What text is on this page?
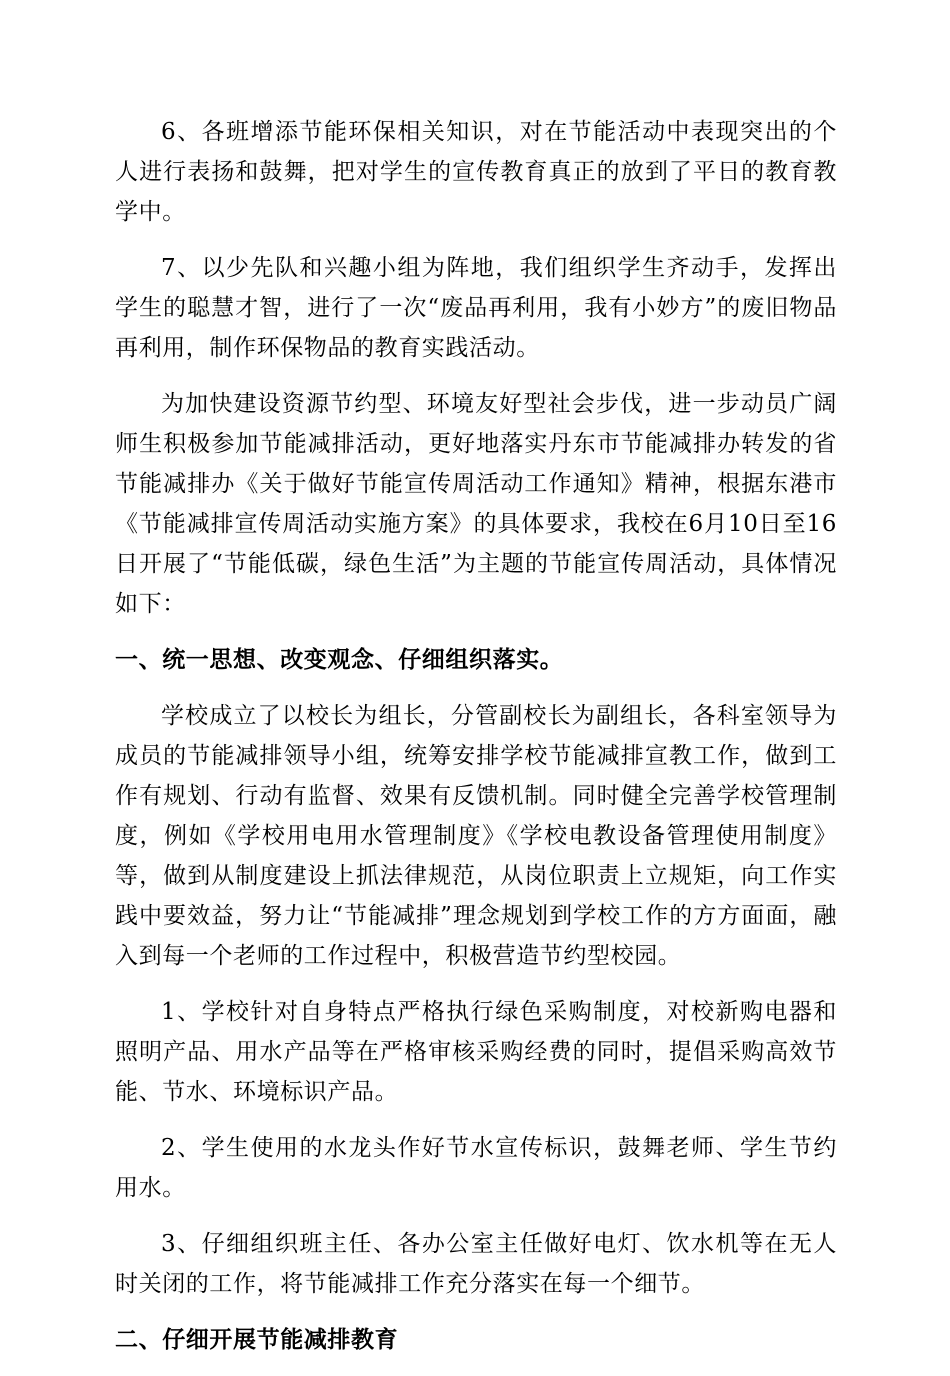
6、各班增添节能环保相关知识，对在节能活动中表现突出的个人进行表扬和鼓舞，把对学生的宣传教育真正的放到了平日的教育教学中。

7、以少先队和兴趣小组为阵地，我们组织学生齐动手，发挥出学生的聪慧才智，进行了一次“废品再利用，我有小妙方”的废旧物品再利用，制作环保物品的教育实践活动。

为加快建设资源节约型、环境友好型社会步伐，进一步动员广阔师生积极参加节能减排活动，更好地落实丹东市节能减排办转发的省节能减排办《关于做好节能宣传周活动工作通知》精神，根据东港市《节能减排宣传周活动实施方案》的具体要求，我校在6月10日至16日开展了“节能低碳，绿色生活”为主题的节能宣传周活动，具体情况如下：

一、统一思想、改变观念、仔细组织落实。

学校成立了以校长为组长，分管副校长为副组长，各科室领导为成员的节能减排领导小组，统筹安排学校节能减排宣教工作，做到工作有规划、行动有监督、效果有反馈机制。同时健全完善学校管理制度，例如《学校用电用水管理制度》《学校电教设备管理使用制度》等，做到从制度建设上抓法律规范，从岗位职责上立规矩，向工作实践中要效益，努力让“节能减排”理念规划到学校工作的方方面面，融入到每一个老师的工作过程中，积极营造节约型校园。

1、学校针对自身特点严格执行绿色采购制度，对校新购电器和照明产品、用水产品等在严格审核采购经费的同时，提倡采购高效节能、节水、环境标识产品。

2、学生使用的水龙头作好节水宣传标识，鼓舞老师、学生节约用水。

3、仔细组织班主任、各办公室主任做好电灯、饮水机等在无人时关闭的工作，将节能减排工作充分落实在每一个细节。

二、仔细开展节能减排教育
